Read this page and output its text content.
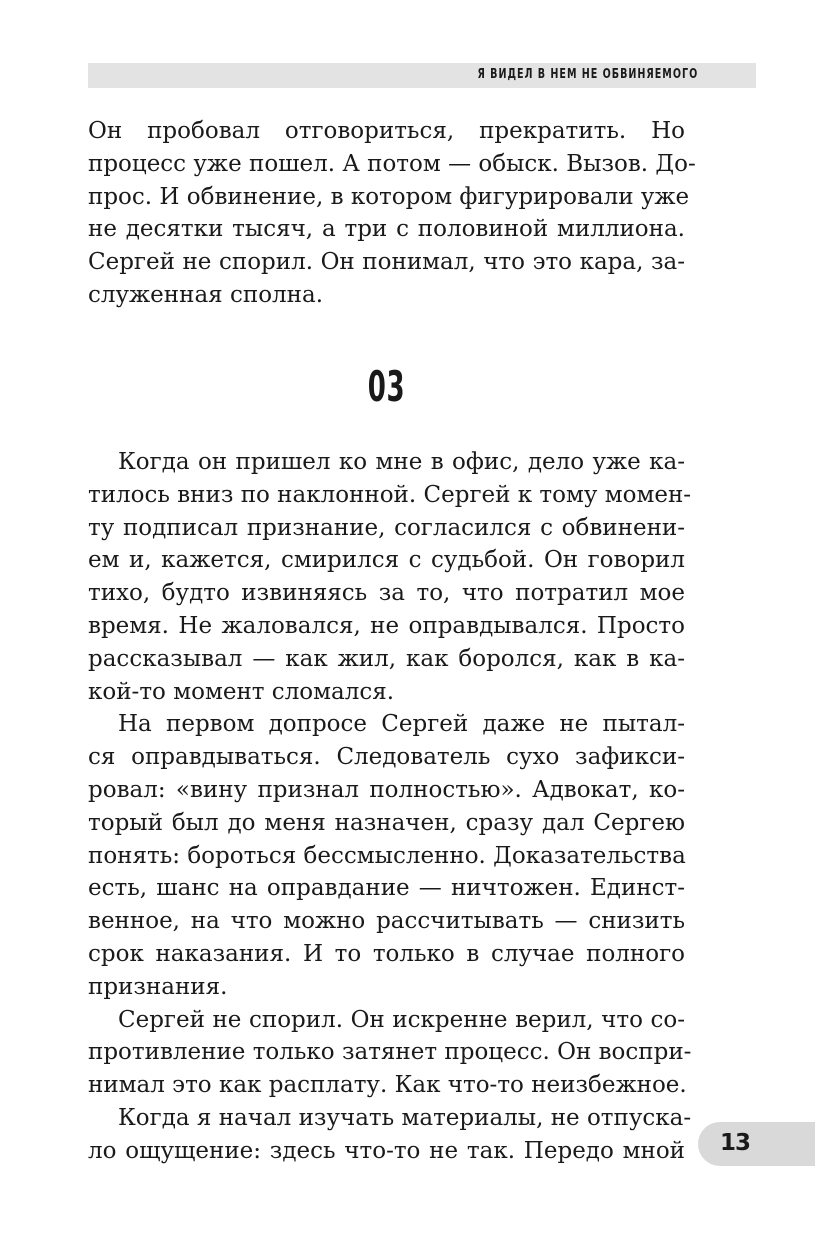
Я ВИДЕЛ В НЕМ НЕ ОБВИНЯЕМОГО
Он пробовал отговориться, прекратить. Но
процесс уже пошел. А потом — обыск. Вызов. До-
прос. И обвинение, в котором фигурировали уже
не десятки тысяч, а три с половиной миллиона.
Сергей не спорил. Он понимал, что это кара, за-
служенная сполна.
03
Когда он пришел ко мне в офис, дело уже ка-
тилось вниз по наклонной. Сергей к тому момен-
ту подписал признание, согласился с обвинени-
ем и, кажется, смирился с судьбой. Он говорил
тихо, будто извиняясь за то, что потратил мое
время. Не жаловался, не оправдывался. Просто
рассказывал — как жил, как боролся, как в ка-
кой-то момент сломался.
На первом допросе Сергей даже не пытал-
ся оправдываться. Следователь сухо зафикси-
ровал: «вину признал полностью». Адвокат, ко-
торый был до меня назначен, сразу дал Сергею
понять: бороться бессмысленно. Доказательства
есть, шанс на оправдание — ничтожен. Единст-
венное, на что можно рассчитывать — снизить
срок наказания. И то только в случае полного
признания.
Сергей не спорил. Он искренне верил, что со-
противление только затянет процесс. Он воспри-
нимал это как расплату. Как что-то неизбежное.
Когда я начал изучать материалы, не отпуска-
ло ощущение: здесь что-то не так. Передо мной 13
